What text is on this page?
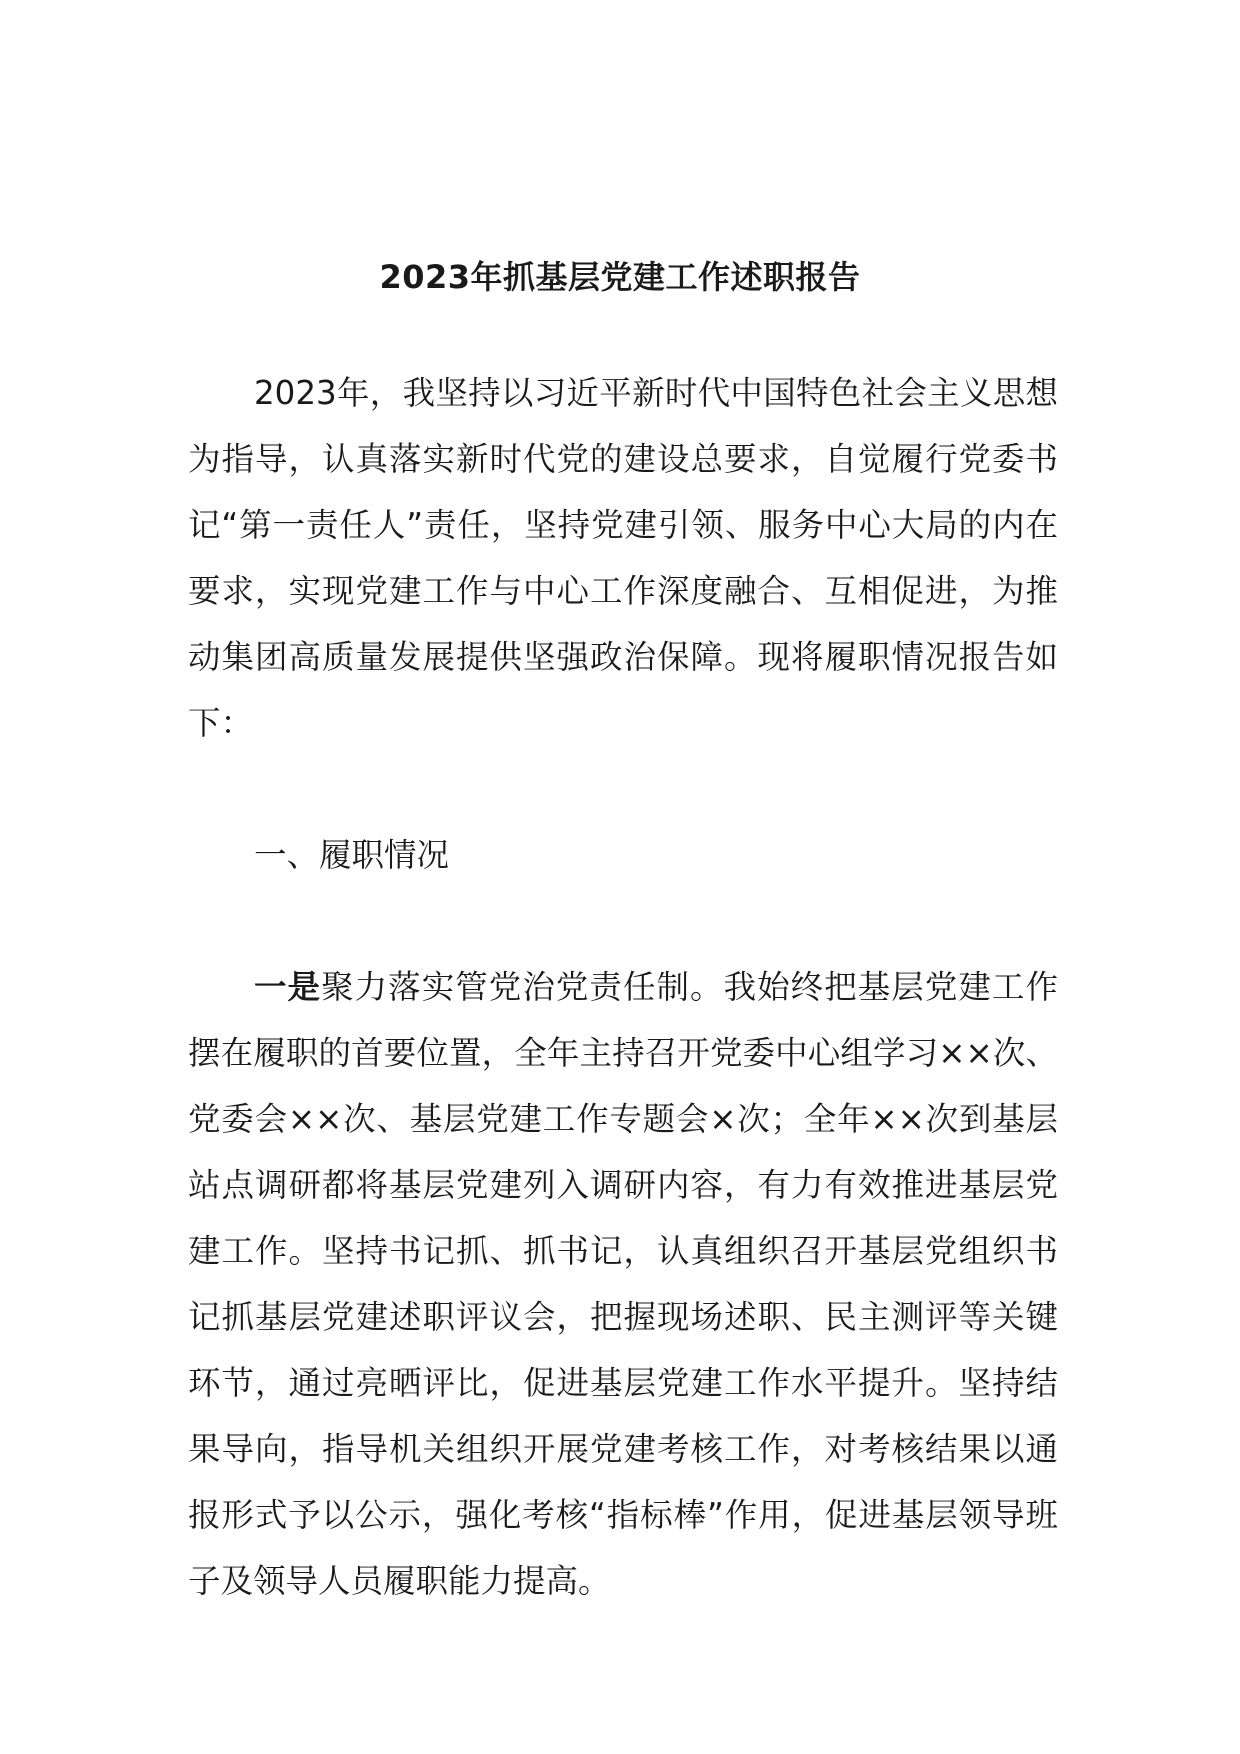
2023年抓基层党建工作述职报告

2023年，我坚持以习近平新时代中国特色社会主义思想为指导，认真落实新时代党的建设总要求，自觉履行党委书记“第一责任人”责任，坚持党建引领、服务中心大局的内在要求，实现党建工作与中心工作深度融合、互相促进，为推动集团高质量发展提供坚强政治保障。现将履职情况报告如下：

一、履职情况

一是聚力落实管党治党责任制。我始终把基层党建工作摆在履职的首要位置，全年主持召开党委中心组学习××次、党委会××次、基层党建工作专题会×次；全年××次到基层站点调研都将基层党建列入调研内容，有力有效推进基层党建工作。坚持书记抓、抓书记，认真组织召开基层党组织书记抓基层党建述职评议会，把握现场述职、民主测评等关键环节，通过亮晒评比，促进基层党建工作水平提升。坚持结果导向，指导机关组织开展党建考核工作，对考核结果以通报形式予以公示，强化考核“指标棒”作用，促进基层领导班子及领导人员履职能力提高。
